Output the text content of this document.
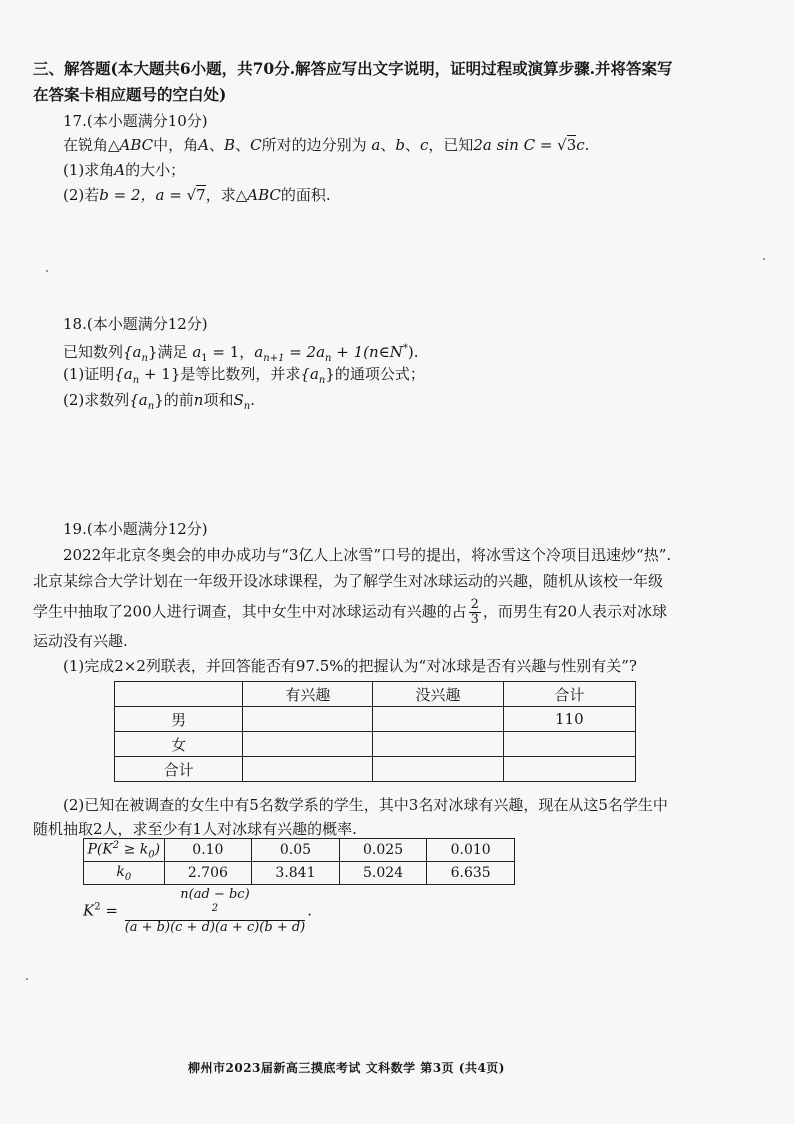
三、解答题(本大题共6小题，共70分.解答应写出文字说明，证明过程或演算步骤.并将答案写
在答案卡相应题号的空白处)
17.(本小题满分10分)
在锐角△ABC中，角A、B、C所对的边分别为 a、b、c，已知2a sin C = √3c.
(1)求角A的大小；
(2)若b = 2，a = √7，求△ABC的面积.
18.(本小题满分12分)
已知数列$\{a_n\}$满足 $a_1 = 1$，$a_{n+1} = 2a_n$ + 1(n∈N*).
(1)证明$\{a_n + 1\}$是等比数列，并求$\{a_n\}$的通项公式；
(2)求数列$\{a_n\}$的前n项和$S_n$.
19.(本小题满分12分)
2022年北京冬奥会的申办成功与“3亿人上冰雪”口号的提出，将冰雪这个冷项目迅速炒“热”.
北京某综合大学计划在一年级开设冰球课程，为了解学生对冰球运动的兴趣，随机从该校一年级
学生中抽取了200人进行调查，其中女生中对冰球运动有兴趣的占 $\frac{2}{3}$ ，而男生有20人表示对冰球
运动没有兴趣.
(1)完成2×2列联表，并回答能否有97.5%的把握认为“对冰球是否有兴趣与性别有关”?
	有兴趣	没兴趣	合计
男			110
女			
合计			
(2)已知在被调查的女生中有5名数学系的学生，其中3名对冰球有兴趣，现在从这5名学生中
随机抽取2人，求至少有1人对冰球有兴趣的概率.
$P(K^2 \ge k_0)$	0.10	0.05	0.025	0.010
$k_0$	2.706	3.841	5.024	6.635
$K^2 = n(ad - bc)$
$^2$
(a + b)(c + d)(a + c)(b + d) .
柳州市2023届新高三摸底考试 文科数学 第3页 (共4页)
